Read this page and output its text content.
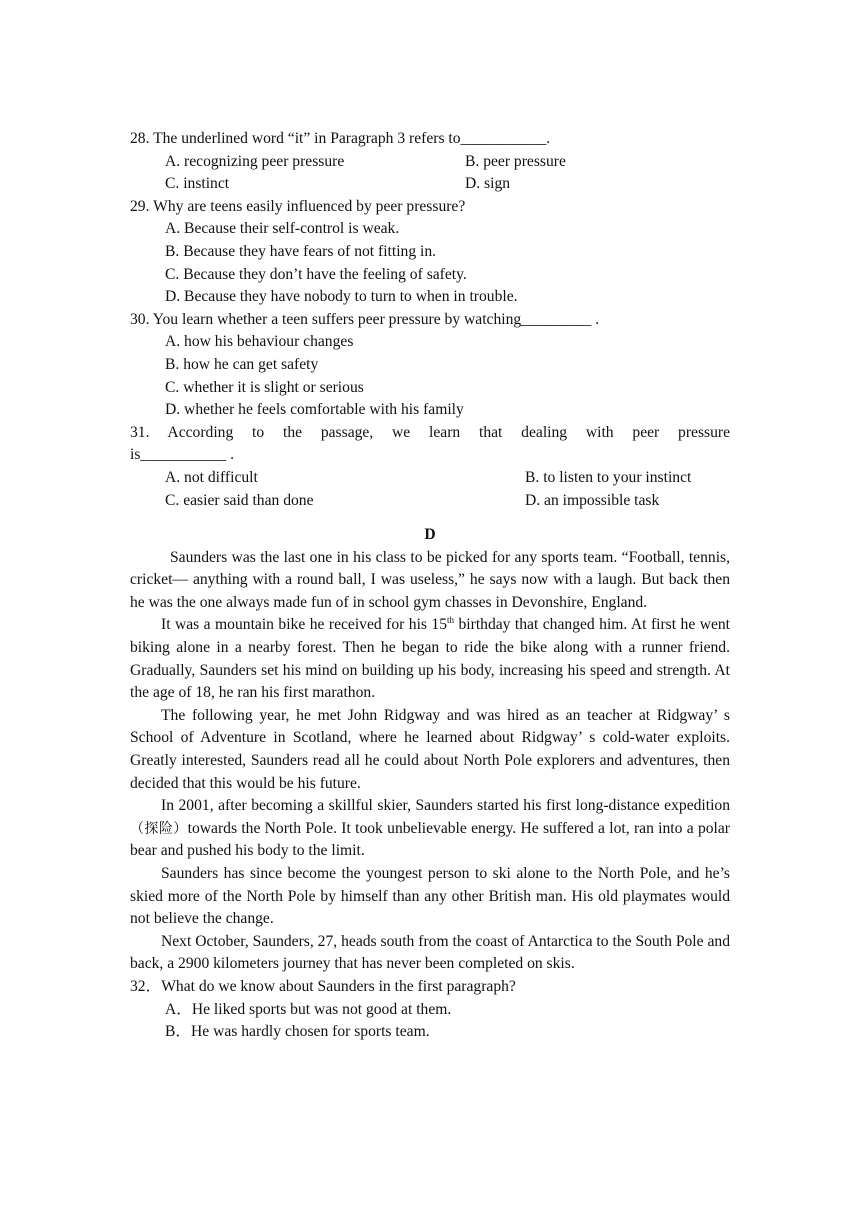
28. The underlined word “it” in Paragraph 3 refers to___________.
A. recognizing peer pressure	B. peer pressure
C. instinct	D. sign
29. Why are teens easily influenced by peer pressure?
A. Because their self-control is weak.
B. Because they have fears of not fitting in.
C. Because they don’t have the feeling of safety.
D. Because they have nobody to turn to when in trouble.
30. You learn whether a teen suffers peer pressure by watching_________ .
A. how his behaviour changes
B. how he can get safety
C. whether it is slight or serious
D. whether he feels comfortable with his family
31. According to the passage, we learn that dealing with peer pressure
is___________ .
A. not difficult	B. to listen to your instinct
C. easier said than done	D. an impossible task
D

Saunders was the last one in his class to be picked for any sports team. “Football, tennis, cricket— anything with a round ball, I was useless,” he says now with a laugh. But back then he was the one always made fun of in school gym chasses in Devonshire, England.

It was a mountain bike he received for his 15th birthday that changed him. At first he went biking alone in a nearby forest. Then he began to ride the bike along with a runner friend. Gradually, Saunders set his mind on building up his body, increasing his speed and strength. At the age of 18, he ran his first marathon.

The following year, he met John Ridgway and was hired as an teacher at Ridgway’ s   School of Adventure in Scotland, where he learned about Ridgway’ s cold-water exploits. Greatly interested, Saunders read all he could about North Pole explorers and adventures, then decided that this would be his future.

In 2001, after becoming a skillful skier, Saunders started his first long-distance expedition（探险）towards the North Pole. It took unbelievable energy. He suffered a lot, ran into a polar bear and pushed his body to the limit.

Saunders has since become the youngest person to ski alone to the North Pole, and he’s skied more of the North Pole by himself than any other British man. His old playmates would not believe the change.

Next October, Saunders, 27, heads south from the coast of Antarctica to the South Pole and back, a 2900 kilometers journey that has never been completed on skis.

32．What do we know about Saunders in the first paragraph?
A．He liked sports but was not good at them.
B．He was hardly chosen for sports team.
